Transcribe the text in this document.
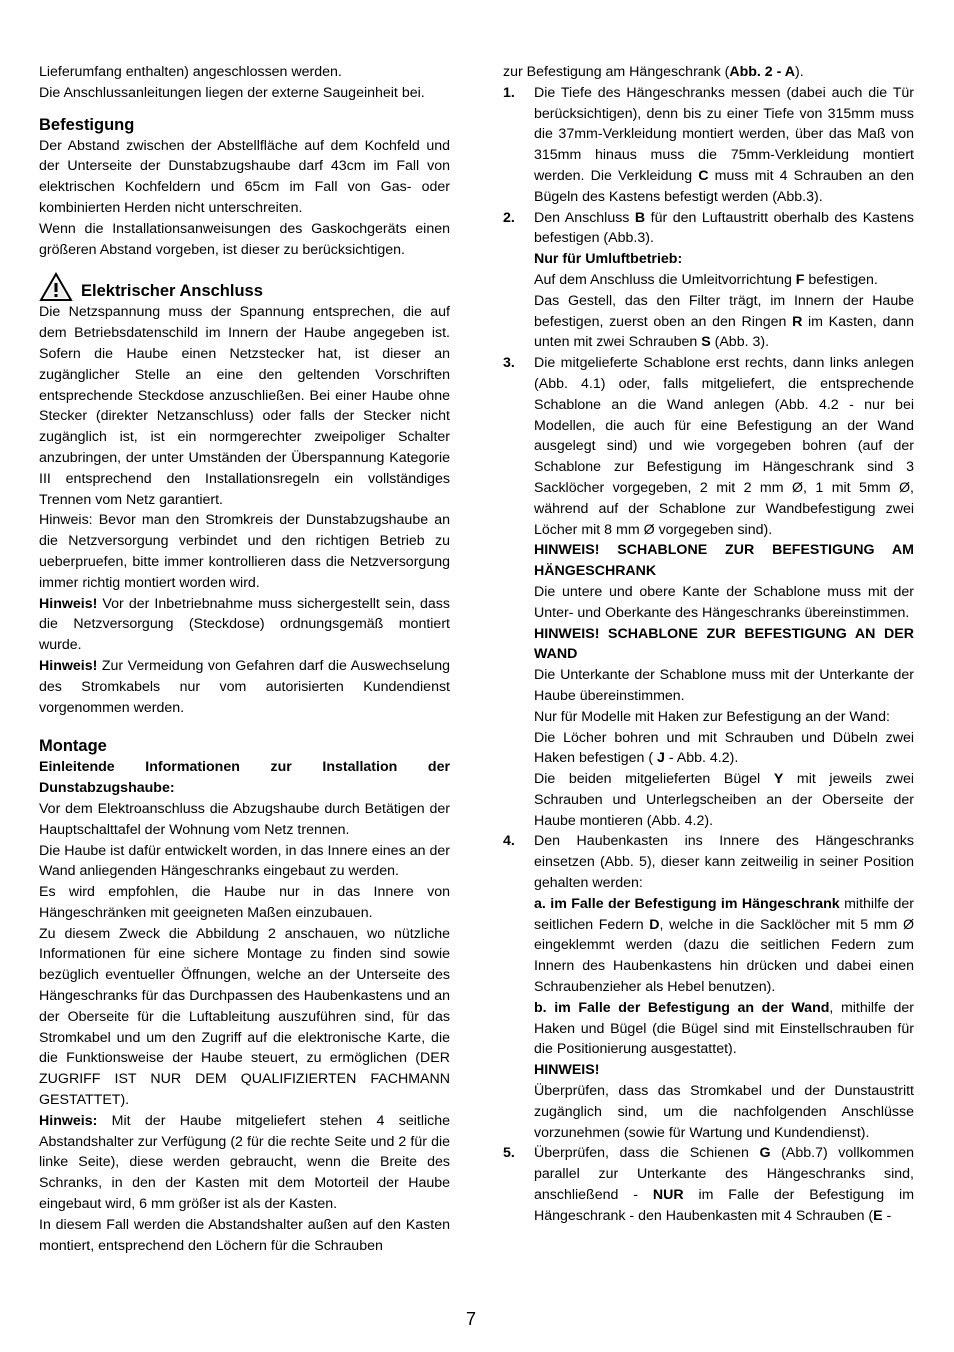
Lieferumfang enthalten) angeschlossen werden.

Die Anschlussanleitungen liegen der externe Saugeinheit bei.

Befestigung

Der Abstand zwischen der Abstellfläche auf dem Kochfeld und der Unterseite der Dunstabzugshaube darf 43cm im Fall von elektrischen Kochfeldern und 65cm im Fall von Gas- oder kombinierten Herden nicht unterschreiten.

Wenn die Installationsanweisungen des Gaskochgeräts einen größeren Abstand vorgeben, ist dieser zu berücksichtigen.

Elektrischer Anschluss

Die Netzspannung muss der Spannung entsprechen, die auf dem Betriebsdatenschild im Innern der Haube angegeben ist. Sofern die Haube einen Netzstecker hat, ist dieser an zugänglicher Stelle an eine den geltenden Vorschriften entsprechende Steckdose anzuschließen. Bei einer Haube ohne Stecker (direkter Netzanschluss) oder falls der Stecker nicht zugänglich ist, ist ein normgerechter zweipoliger Schalter anzubringen, der unter Umständen der Überspannung Kategorie III entsprechend den Installationsregeln ein vollständiges Trennen vom Netz garantiert.

Hinweis: Bevor man den Stromkreis der Dunstabzugshaube an die Netzversorgung verbindet und den richtigen Betrieb zu ueberpruefen, bitte immer kontrollieren dass die Netzversorgung immer richtig montiert worden wird.

Hinweis! Vor der Inbetriebnahme muss sichergestellt sein, dass die Netzversorgung (Steckdose) ordnungsgemäß montiert wurde.

Hinweis! Zur Vermeidung von Gefahren darf die Auswechselung des Stromkabels nur vom autorisierten Kundendienst vorgenommen werden.

Montage

Einleitende Informationen zur Installation der Dunstabzugshaube:

Vor dem Elektroanschluss die Abzugshaube durch Betätigen der Hauptschalttafel der Wohnung vom Netz trennen.

Die Haube ist dafür entwickelt worden, in das Innere eines an der Wand anliegenden Hängeschranks eingebaut zu werden.

Es wird empfohlen, die Haube nur in das Innere von Hängeschränken mit geeigneten Maßen einzubauen.

Zu diesem Zweck die Abbildung 2 anschauen, wo nützliche Informationen für eine sichere Montage zu finden sind sowie bezüglich eventueller Öffnungen, welche an der Unterseite des Hängeschranks für das Durchpassen des Haubenkastens und an der Oberseite für die Luftableitung auszuführen sind, für das Stromkabel und um den Zugriff auf die elektronische Karte, die die Funktionsweise der Haube steuert, zu ermöglichen (DER ZUGRIFF IST NUR DEM QUALIFIZIERTEN FACHMANN GESTATTET).

Hinweis: Mit der Haube mitgeliefert stehen 4 seitliche Abstandshalter zur Verfügung (2 für die rechte Seite und 2 für die linke Seite), diese werden gebraucht, wenn die Breite des Schranks, in den der Kasten mit dem Motorteil der Haube eingebaut wird, 6 mm größer ist als der Kasten.

In diesem Fall werden die Abstandshalter außen auf den Kasten montiert, entsprechend den Löchern für die Schrauben

zur Befestigung am Hängeschrank (Abb. 2 - A).

1.	Die Tiefe des Hängeschranks messen (dabei auch die Tür berücksichtigen), denn bis zu einer Tiefe von 315mm muss die 37mm-Verkleidung montiert werden, über das Maß von 315mm hinaus muss die 75mm-Verkleidung montiert werden. Die Verkleidung C muss mit 4 Schrauben an den Bügeln des Kastens befestigt werden (Abb.3).

2.	Den Anschluss B für den Luftaustritt oberhalb des Kastens befestigen (Abb.3).

Nur für Umluftbetrieb:

Auf dem Anschluss die Umleitvorrichtung F befestigen.

Das Gestell, das den Filter trägt, im Innern der Haube befestigen, zuerst oben an den Ringen R im Kasten, dann unten mit zwei Schrauben S (Abb. 3).

3.	Die mitgelieferte Schablone erst rechts, dann links anlegen (Abb. 4.1) oder, falls mitgeliefert, die entsprechende Schablone an die Wand anlegen (Abb. 4.2 - nur bei Modellen, die auch für eine Befestigung an der Wand ausgelegt sind) und wie vorgegeben bohren (auf der Schablone zur Befestigung im Hängeschrank sind 3 Sacklöcher vorgegeben, 2 mit 2 mm Ø, 1 mit 5mm Ø, während auf der Schablone zur Wandbefestigung zwei Löcher mit 8 mm Ø vorgegeben sind).

HINWEIS! SCHABLONE ZUR BEFESTIGUNG AM HÄNGESCHRANK

Die untere und obere Kante der Schablone muss mit der Unter- und Oberkante des Hängeschranks übereinstimmen.

HINWEIS! SCHABLONE ZUR BEFESTIGUNG AN DER WAND

Die Unterkante der Schablone muss mit der Unterkante der Haube übereinstimmen.

Nur für Modelle mit Haken zur Befestigung an der Wand:

Die Löcher bohren und mit Schrauben und Dübeln zwei Haken befestigen ( J - Abb. 4.2).

Die beiden mitgelieferten Bügel Y mit jeweils zwei Schrauben und Unterlegscheiben an der Oberseite der Haube montieren (Abb. 4.2).

4.	Den Haubenkasten ins Innere des Hängeschranks einsetzen (Abb. 5), dieser kann zeitweilig in seiner Position gehalten werden:

a. im Falle der Befestigung im Hängeschrank mithilfe der seitlichen Federn D, welche in die Sacklöcher mit 5 mm Ø eingeklemmt werden (dazu die seitlichen Federn zum Innern des Haubenkastens hin drücken und dabei einen Schraubenzieher als Hebel benutzen).

b. im Falle der Befestigung an der Wand, mithilfe der Haken und Bügel (die Bügel sind mit Einstellschrauben für die Positionierung ausgestattet).

HINWEIS!

Überprüfen, dass das Stromkabel und der Dunstaustritt zugänglich sind, um die nachfolgenden Anschlüsse vorzunehmen (sowie für Wartung und Kundendienst).

5.	Überprüfen, dass die Schienen G (Abb.7) vollkommen parallel zur Unterkante des Hängeschranks sind, anschließend - NUR im Falle der Befestigung im Hängeschrank - den Haubenkasten mit 4 Schrauben (E -

7
